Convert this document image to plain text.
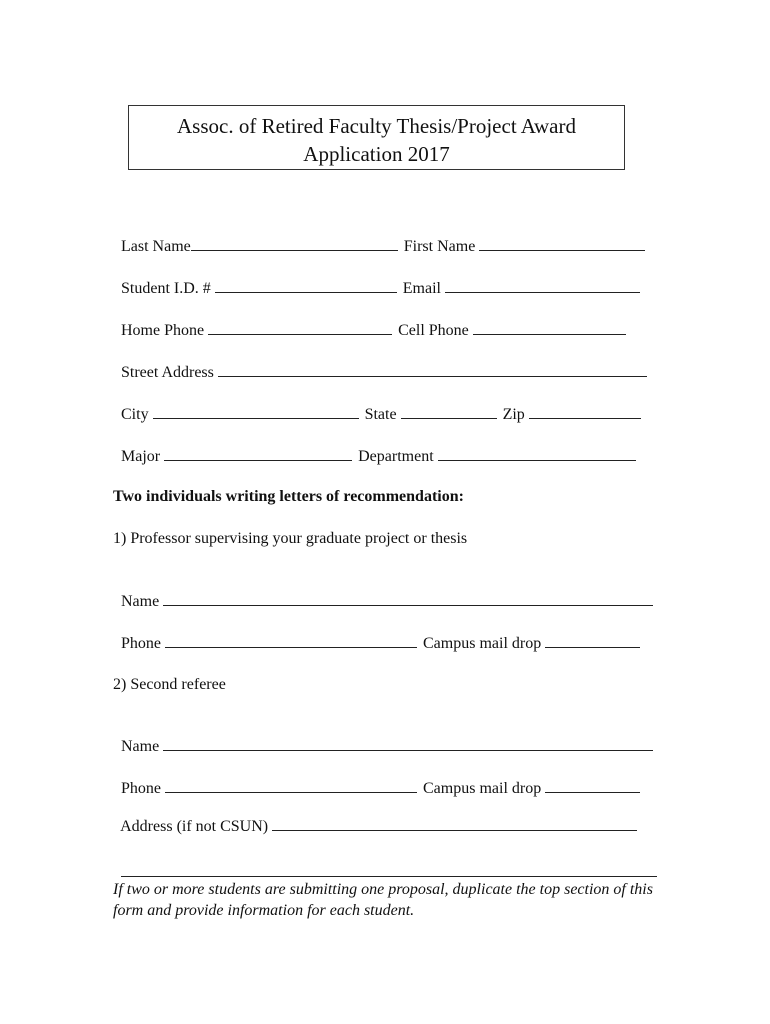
Assoc. of Retired Faculty Thesis/Project Award
Application 2017

Last Name	First Name

Student I.D. #	Email

Home Phone	Cell Phone

Street Address

City	State	Zip

Major	Department

Two individuals writing letters of recommendation:
1) Professor supervising your graduate project or thesis

Name

Phone	Campus mail drop

2) Second referee

Name

Phone	Campus mail drop

Address (if not CSUN)

If two or more students are submitting one proposal, duplicate the top section of this form and provide information for each student.
